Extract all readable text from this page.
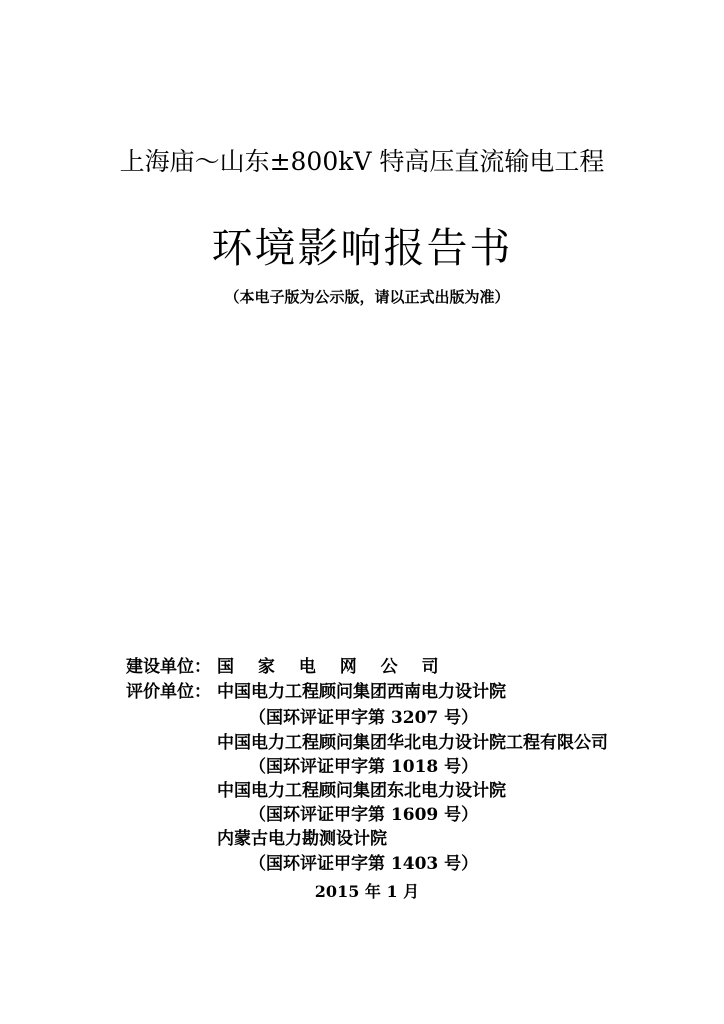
上海庙～山东±800kV 特高压直流输电工程
环境影响报告书
（本电子版为公示版，请以正式出版为准）
建设单位： 国 家 电 网 公 司
评价单位： 中国电力工程顾问集团西南电力设计院
（国环评证甲字第 3207 号）
中国电力工程顾问集团华北电力设计院工程有限公司
（国环评证甲字第 1018 号）
中国电力工程顾问集团东北电力设计院
（国环评证甲字第 1609 号）
内蒙古电力勘测设计院
（国环评证甲字第 1403 号）
2015 年 1 月
